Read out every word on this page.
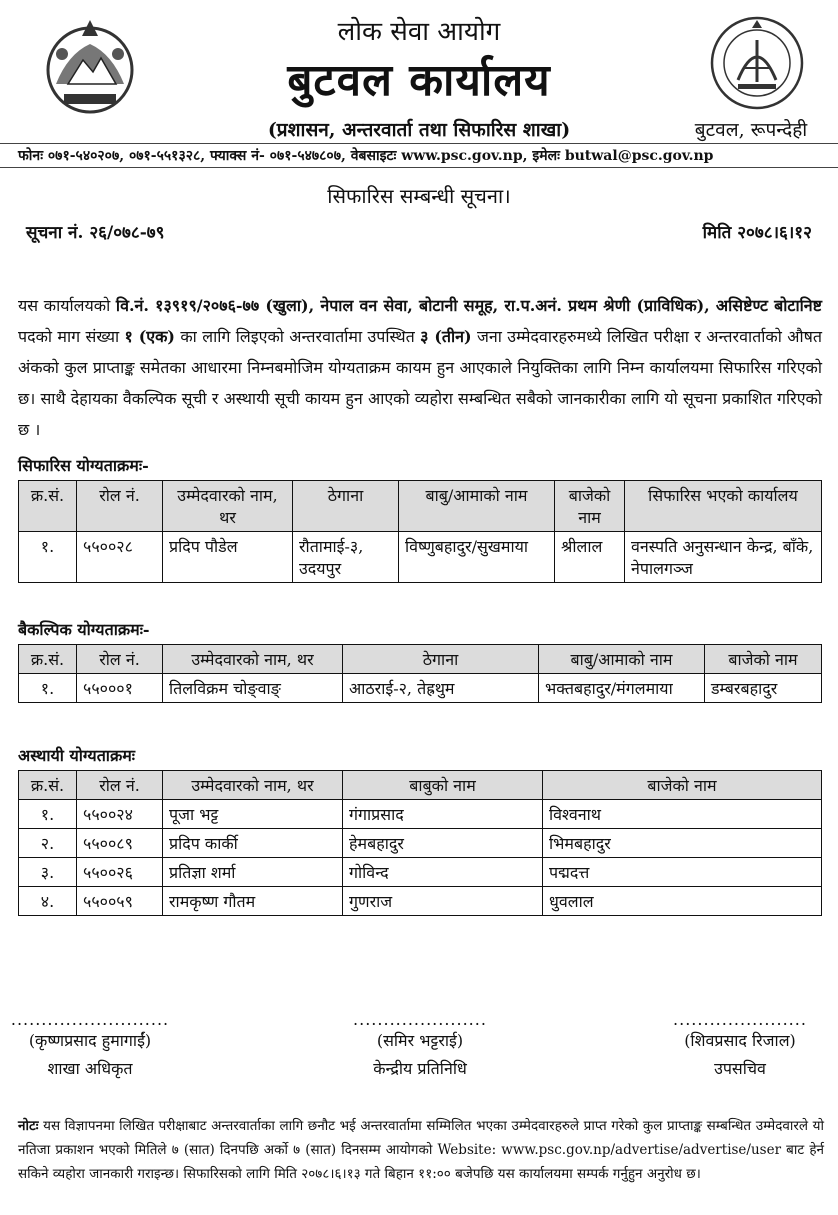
लोक सेवा आयोग
बुटवल कार्यालय
(प्रशासन, अन्तरवार्ता तथा सिफारिस शाखा)	बुटवल, रूपन्देही
फोनः ०७१-५४०२०७, ०७१-५५१३२८, फ्याक्स नं- ०७१-५४७८०७, वेबसाइटः www.psc.gov.np, इमेलः butwal@psc.gov.np
सिफारिस सम्बन्धी सूचना।
सूचना नं. २६/०७८-७९	मिति २०७८।६।१२
यस कार्यालयको वि.नं. १३९१९/२०७६-७७ (खुला), नेपाल वन सेवा, बोटानी समूह, रा.प.अनं. प्रथम श्रेणी (प्राविधिक), असिष्टेण्ट बोटानिष्ट पदको माग संख्या १ (एक) का लागि लिइएको अन्तरवार्तामा उपस्थित ३ (तीन) जना उम्मेदवारहरुमध्ये लिखित परीक्षा र अन्तरवार्ताको औषत अंकको कुल प्राप्ताङ्क समेतका आधारमा निम्नबमोजिम योग्यताक्रम कायम हुन आएकाले नियुक्तिका लागि निम्न कार्यालयमा सिफारिस गरिएको छ। साथै देहायका वैकल्पिक सूची र अस्थायी सूची कायम हुन आएको व्यहोरा सम्बन्धित सबैको जानकारीका लागि यो सूचना प्रकाशित गरिएको छ ।
सिफारिस योग्यताक्रमः-
क्र.सं.	रोल नं.	उम्मेदवारको नाम, थर	ठेगाना	बाबु/आमाको नाम	बाजेको नाम	सिफारिस भएको कार्यालय
१.	५५००२८	प्रदिप पौडेल	रौतामाई-३, उदयपुर	विष्णुबहादुर/सुखमाया	श्रीलाल	वनस्पति अनुसन्धान केन्द्र, बाँके, नेपालगञ्ज
बैकल्पिक योग्यताक्रमः-
क्र.सं.	रोल नं.	उम्मेदवारको नाम, थर	ठेगाना	बाबु/आमाको नाम	बाजेको नाम
१.	५५०००१	तिलविक्रम चोङ्वाङ्	आठराई-२, तेह्रथुम	भक्तबहादुर/मंगलमाया	डम्बरबहादुर
अस्थायी योग्यताक्रमः
क्र.सं.	रोल नं.	उम्मेदवारको नाम, थर	बाबुको नाम	बाजेको नाम
१.	५५००२४	पूजा भट्ट	गंगाप्रसाद	विश्वनाथ
२.	५५००८९	प्रदिप कार्की	हेमबहादुर	भिमबहादुर
३.	५५००२६	प्रतिज्ञा शर्मा	गोविन्द	पद्मदत्त
४.	५५००५९	रामकृष्ण गौतम	गुणराज	धुवलाल
..........................
(कृष्णप्रसाद हुमागाईं)
शाखा अधिकृत
......................
(समिर भट्टराई)
केन्द्रीय प्रतिनिधि
......................
(शिवप्रसाद रिजाल)
उपसचिव
नोटः यस विज्ञापनमा लिखित परीक्षाबाट अन्तरवार्ताका लागि छनौट भई अन्तरवार्तामा सम्मिलित भएका उम्मेदवारहरुले प्राप्त गरेको कुल प्राप्ताङ्क सम्बन्धित उम्मेदवारले यो नतिजा प्रकाशन भएको मितिले ७ (सात) दिनपछि अर्को ७ (सात) दिनसम्म आयोगको Website: www.psc.gov.np/advertise/advertise/user बाट हेर्न सकिने व्यहोरा जानकारी गराइन्छ। सिफारिसको लागि मिति २०७८।६।१३ गते बिहान ११:०० बजेपछि यस कार्यालयमा सम्पर्क गर्नुहुन अनुरोध छ।
